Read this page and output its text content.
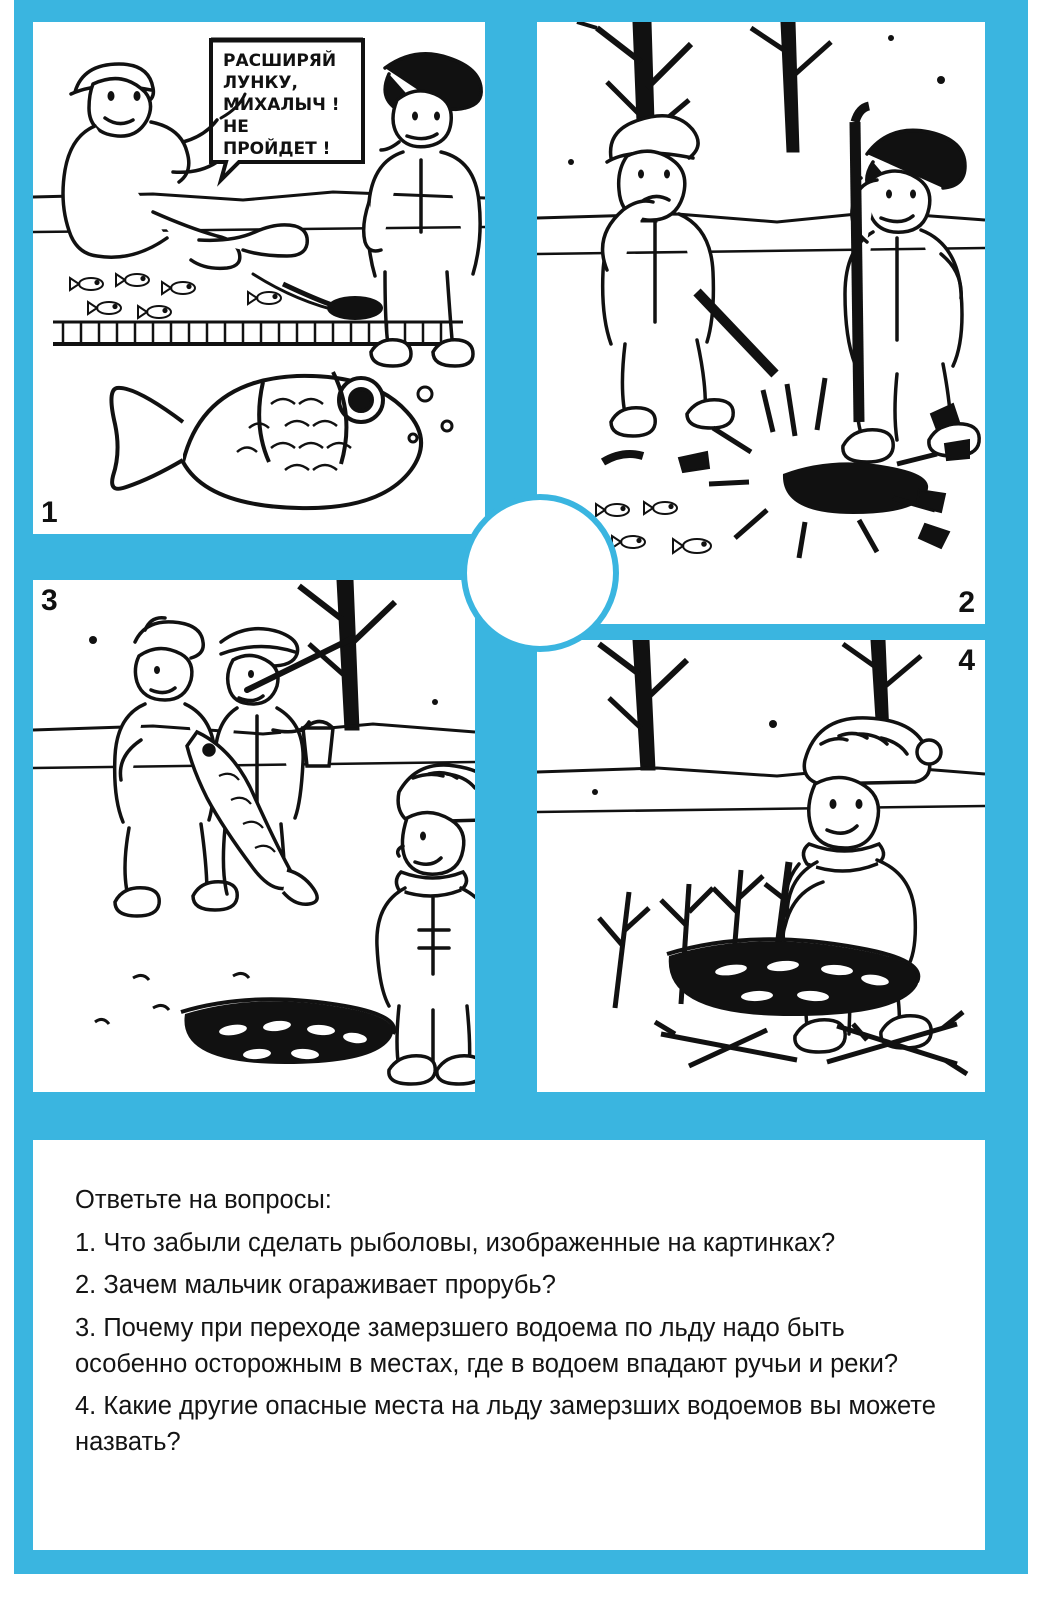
РАСШИРЯЙ
ЛУНКУ,
МИХАЛЫЧ !
НЕ
ПРОЙДЕТ !
1
2
3
4

Ответьте на вопросы:

1. Что забыли сделать рыболовы, изображенные на картинках?

2. Зачем мальчик огараживает прорубь?

3. Почему при переходе замерзшего водоема по льду надо быть особенно осторожным в местах, где в водоем впадают ручьи и реки?

4. Какие другие опасные места на льду замерзших водоемов вы можете назвать?
